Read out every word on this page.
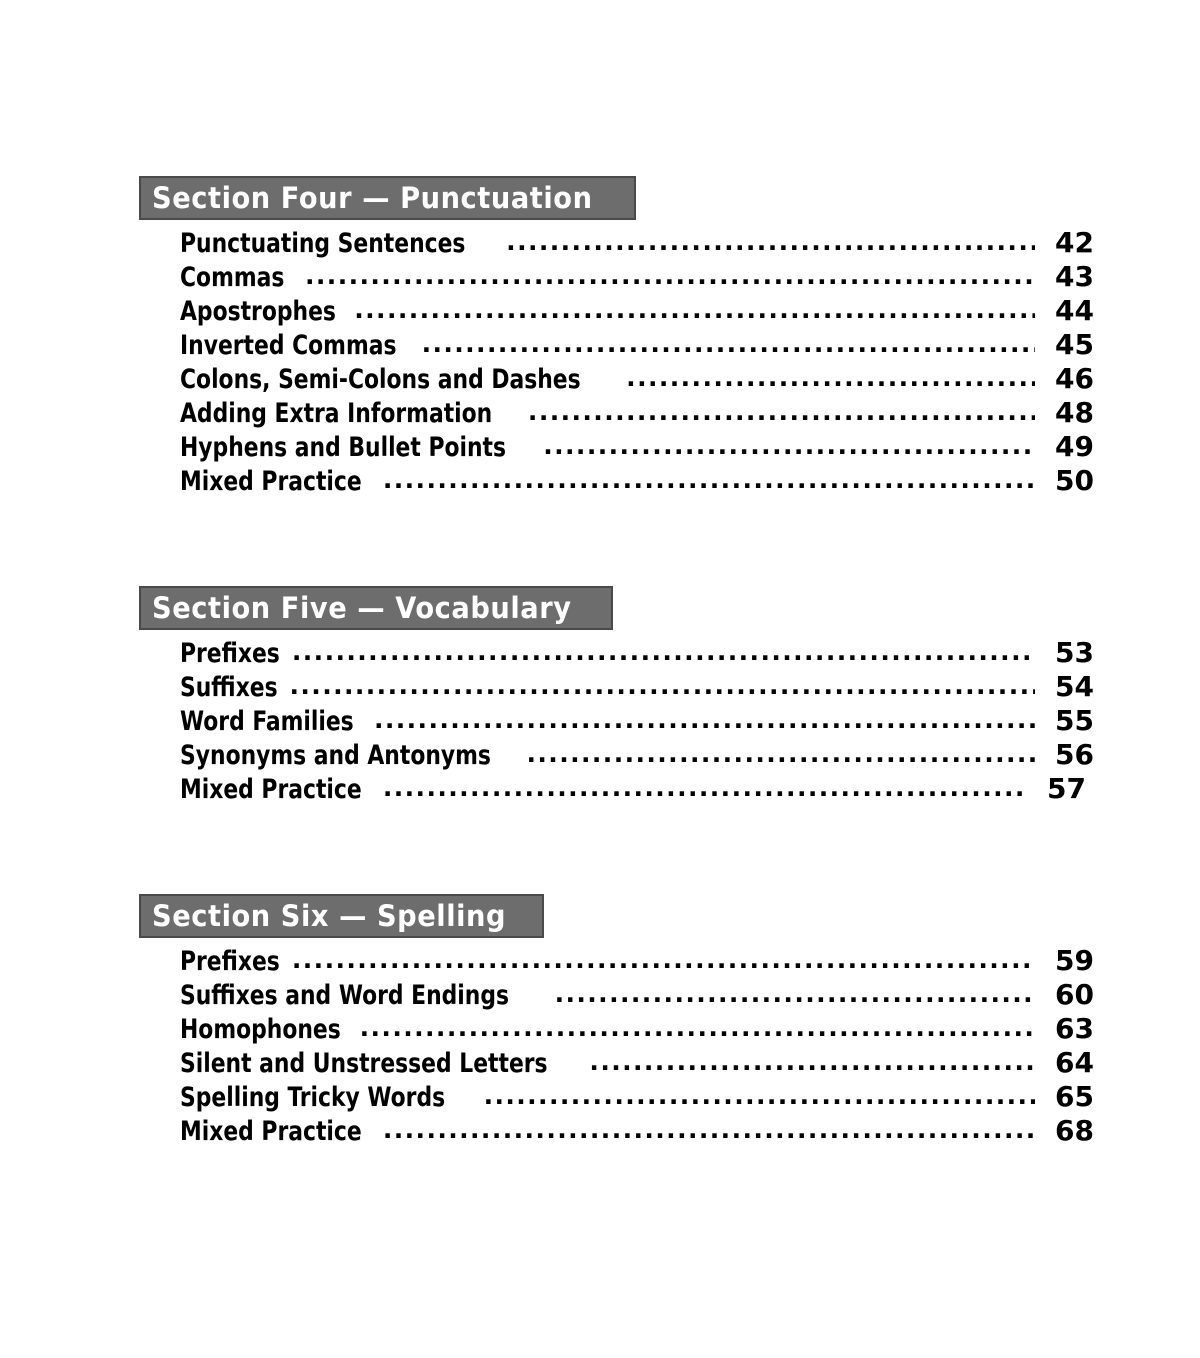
Section Four — Punctuation
Punctuating Sentences .....	42
Commas .....	43
Apostrophes .....	44
Inverted Commas .....	45
Colons, Semi-Colons and Dashes .....	46
Adding Extra Information .....	48
Hyphens and Bullet Points .....	49
Mixed Practice .....	50
Section Five — Vocabulary
Prefixes .....	53
Suffixes .....	54
Word Families .....	55
Synonyms and Antonyms .....	56
Mixed Practice .....	57
Section Six — Spelling
Prefixes .....	59
Suffixes and Word Endings .....	60
Homophones .....	63
Silent and Unstressed Letters .....	64
Spelling Tricky Words .....	65
Mixed Practice .....	68
